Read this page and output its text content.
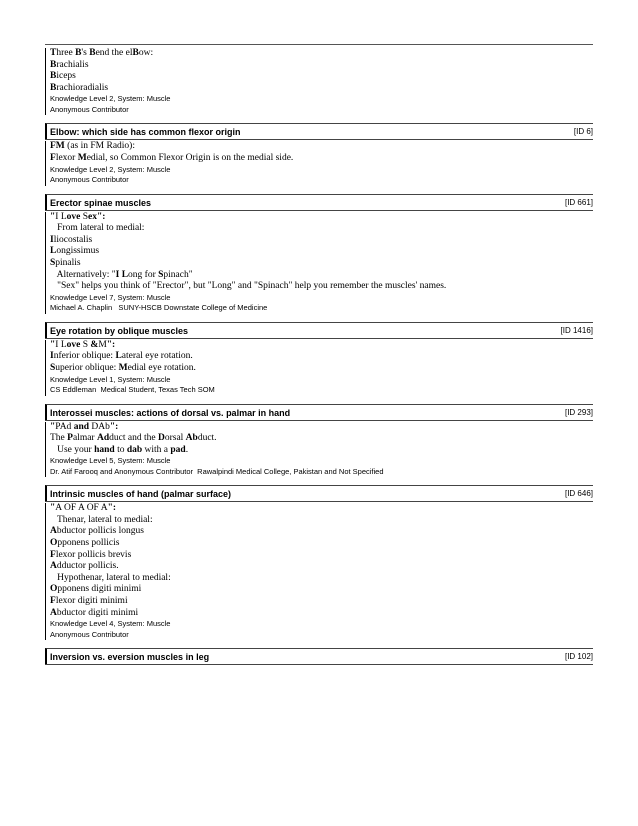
Three B's Bend the elBow:

Brachialis

Biceps

Brachioradialis

Knowledge Level 2, System: Muscle

Anonymous Contributor

Elbow: which side has common flexor origin	[ID 6]

FM (as in FM Radio):

Flexor Medial, so Common Flexor Origin is on the medial side.

Knowledge Level 2, System: Muscle

Anonymous Contributor

Erector spinae muscles	[ID 661]

"I Love Sex":

From lateral to medial:

Iliocostalis

Longissimus

Spinalis

Alternatively: "I Long for Spinach"

"Sex" helps you think of "Erector", but "Long" and "Spinach" help you remember the muscles' names.

Knowledge Level 7, System: Muscle

Michael A. Chaplin   SUNY-HSCB Downstate College of Medicine

Eye rotation by oblique muscles	[ID 1416]

"I Love S &M":

Inferior oblique: Lateral eye rotation.

Superior oblique: Medial eye rotation.

Knowledge Level 1, System: Muscle

CS Eddleman  Medical Student, Texas Tech SOM

Interossei muscles: actions of dorsal vs. palmar in hand	[ID 293]

"PAd and DAb":

The Palmar Adduct and the Dorsal Abduct.

Use your hand to dab with a pad.

Knowledge Level 5, System: Muscle

Dr. Atif Farooq and Anonymous Contributor  Rawalpindi Medical College, Pakistan and Not Specified

Intrinsic muscles of hand (palmar surface)	[ID 646]

"A OF A OF A":

Thenar, lateral to medial:

Abductor pollicis longus

Opponens pollicis

Flexor pollicis brevis

Adductor pollicis.

Hypothenar, lateral to medial:

Opponens digiti minimi

Flexor digiti minimi

Abductor digiti minimi

Knowledge Level 4, System: Muscle

Anonymous Contributor

Inversion vs. eversion muscles in leg	[ID 102]
